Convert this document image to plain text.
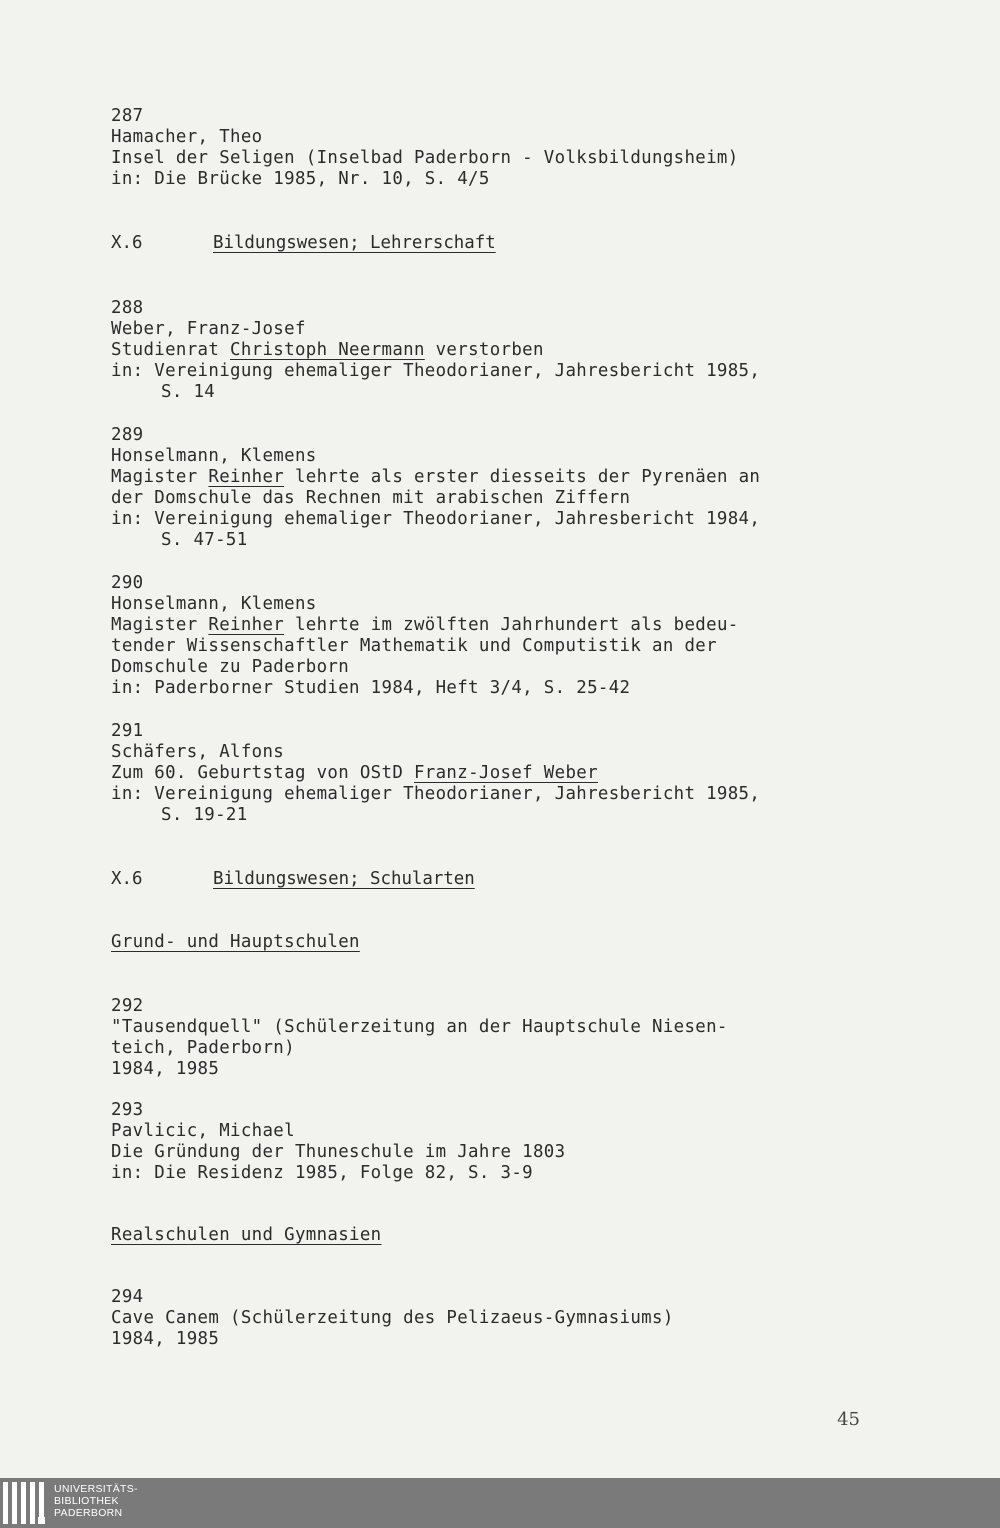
287
Hamacher, Theo
Insel der Seligen (Inselbad Paderborn - Volksbildungsheim)
in: Die Brücke 1985, Nr. 10, S. 4/5
X.6	Bildungswesen; Lehrerschaft
288
Weber, Franz-Josef
Studienrat Christoph Neermann verstorben
in: Vereinigung ehemaliger Theodorianer, Jahresbericht 1985,
S. 14
289
Honselmann, Klemens
Magister Reinher lehrte als erster diesseits der Pyrenäen an
der Domschule das Rechnen mit arabischen Ziffern
in: Vereinigung ehemaliger Theodorianer, Jahresbericht 1984,
S. 47-51
290
Honselmann, Klemens
Magister Reinher lehrte im zwölften Jahrhundert als bedeu-
tender Wissenschaftler Mathematik und Computistik an der
Domschule zu Paderborn
in: Paderborner Studien 1984, Heft 3/4, S. 25-42
291
Schäfers, Alfons
Zum 60. Geburtstag von OStD Franz-Josef Weber
in: Vereinigung ehemaliger Theodorianer, Jahresbericht 1985,
S. 19-21
X.6	Bildungswesen; Schularten
Grund- und Hauptschulen
292
"Tausendquell" (Schülerzeitung an der Hauptschule Niesen-
teich, Paderborn)
1984, 1985
293
Pavlicic, Michael
Die Gründung der Thuneschule im Jahre 1803
in: Die Residenz 1985, Folge 82, S. 3-9
Realschulen und Gymnasien
294
Cave Canem (Schülerzeitung des Pelizaeus-Gymnasiums)
1984, 1985
45
UNIVERSITÄTS-
BIBLIOTHEK
PADERBORN
